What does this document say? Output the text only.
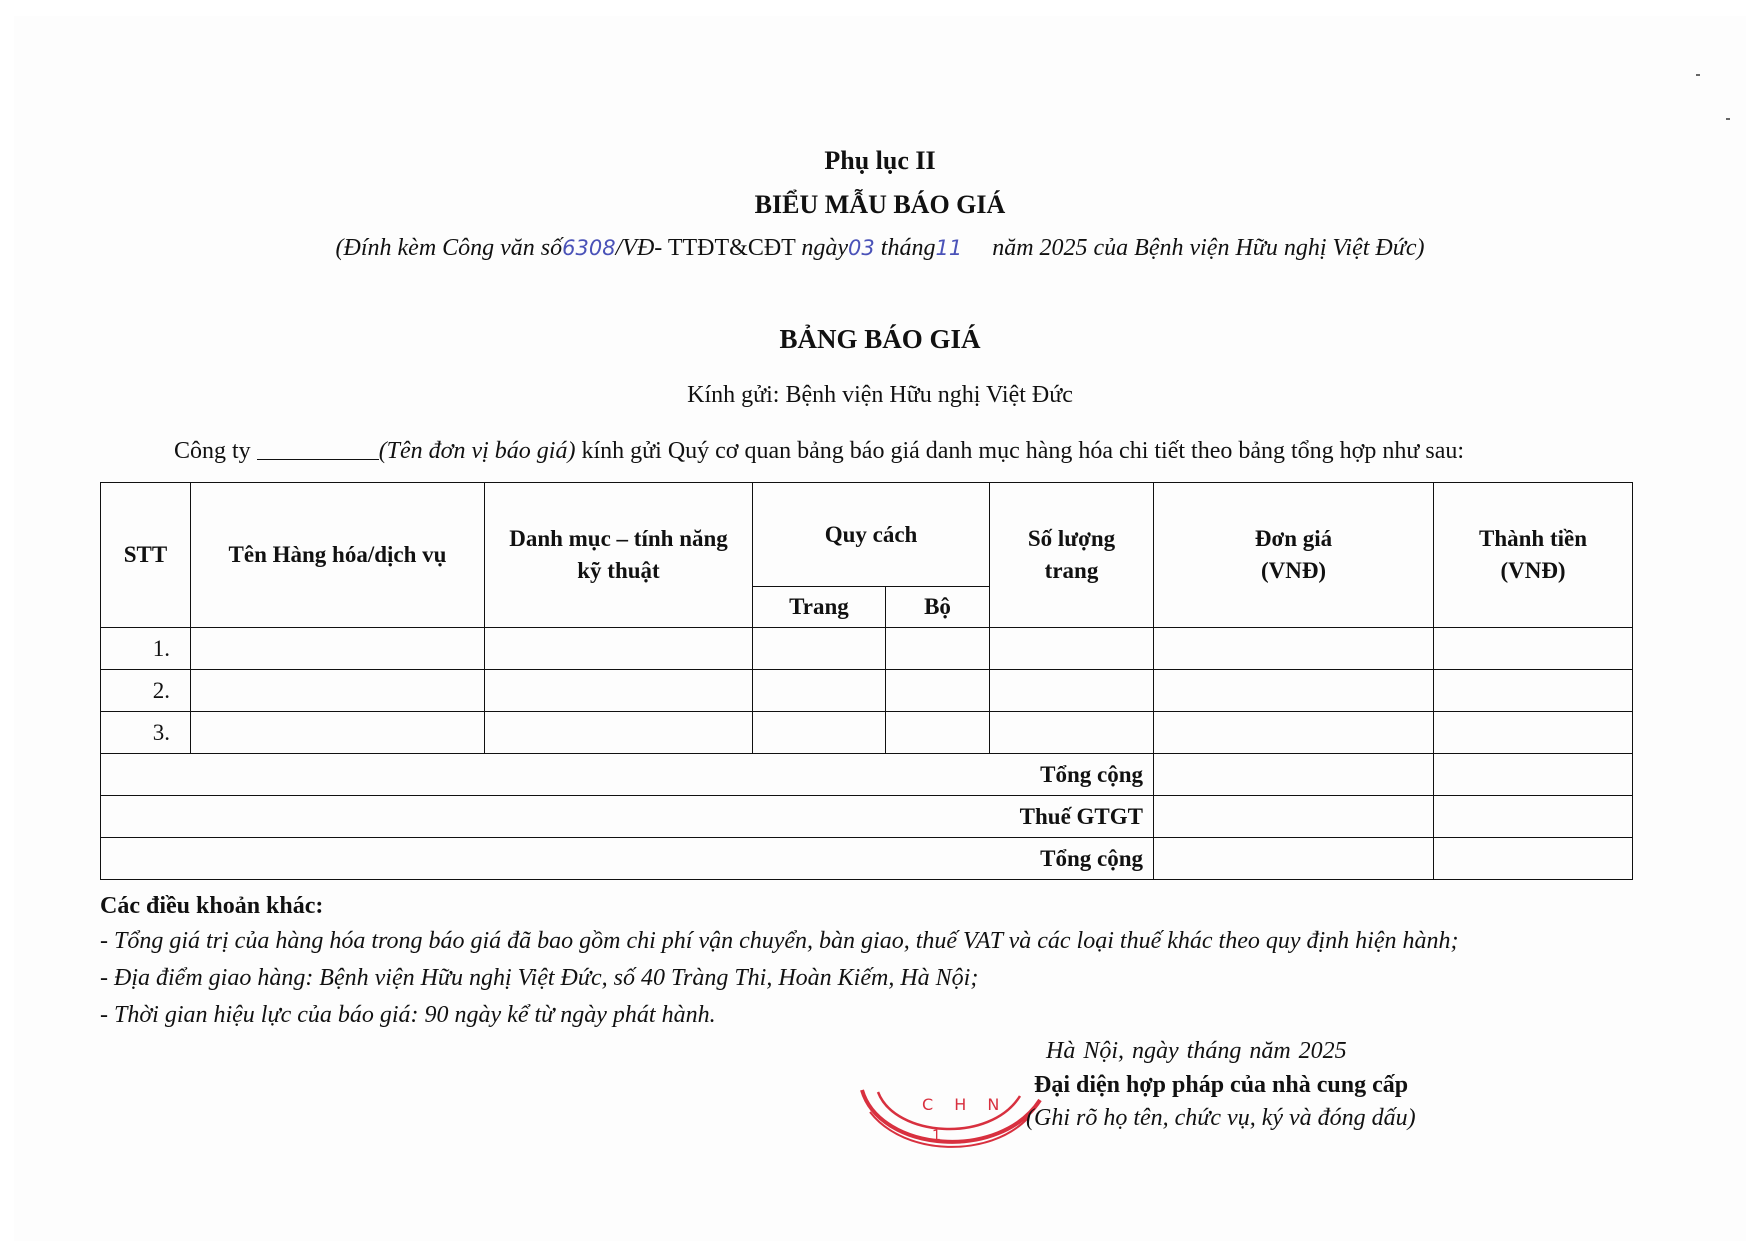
Phụ lục II
BIỂU MẪU BÁO GIÁ
(Đính kèm Công văn số6308/VĐ- TTĐT&CĐT ngày03 tháng11 năm 2025 của Bệnh viện Hữu nghị Việt Đức)
BẢNG BÁO GIÁ
Kính gửi: Bệnh viện Hữu nghị Việt Đức
Công ty	(Tên đơn vị báo giá) kính gửi Quý cơ quan bảng báo giá danh mục hàng hóa chi tiết theo bảng tổng hợp như sau:
STT	Tên Hàng hóa/dịch vụ	Danh mục – tính năng kỹ thuật	Quy cách		Số lượng trang	Đơn giá (VNĐ)	Thành tiền (VNĐ)
			Trang	Bộ			
1.							
2.							
3.							
Tổng cộng							
Thuế GTGT							
Tổng cộng							
Các điều khoản khác:
- Tổng giá trị của hàng hóa trong báo giá đã bao gồm chi phí vận chuyển, bàn giao, thuế VAT và các loại thuế khác theo quy định hiện hành;
- Địa điểm giao hàng: Bệnh viện Hữu nghị Việt Đức, số 40 Tràng Thi, Hoàn Kiếm, Hà Nội;
- Thời gian hiệu lực của báo giá: 90 ngày kể từ ngày phát hành.
C H N
1
Hà Nội, ngày tháng năm 2025
Đại diện hợp pháp của nhà cung cấp
(Ghi rõ họ tên, chức vụ, ký và đóng dấu)
